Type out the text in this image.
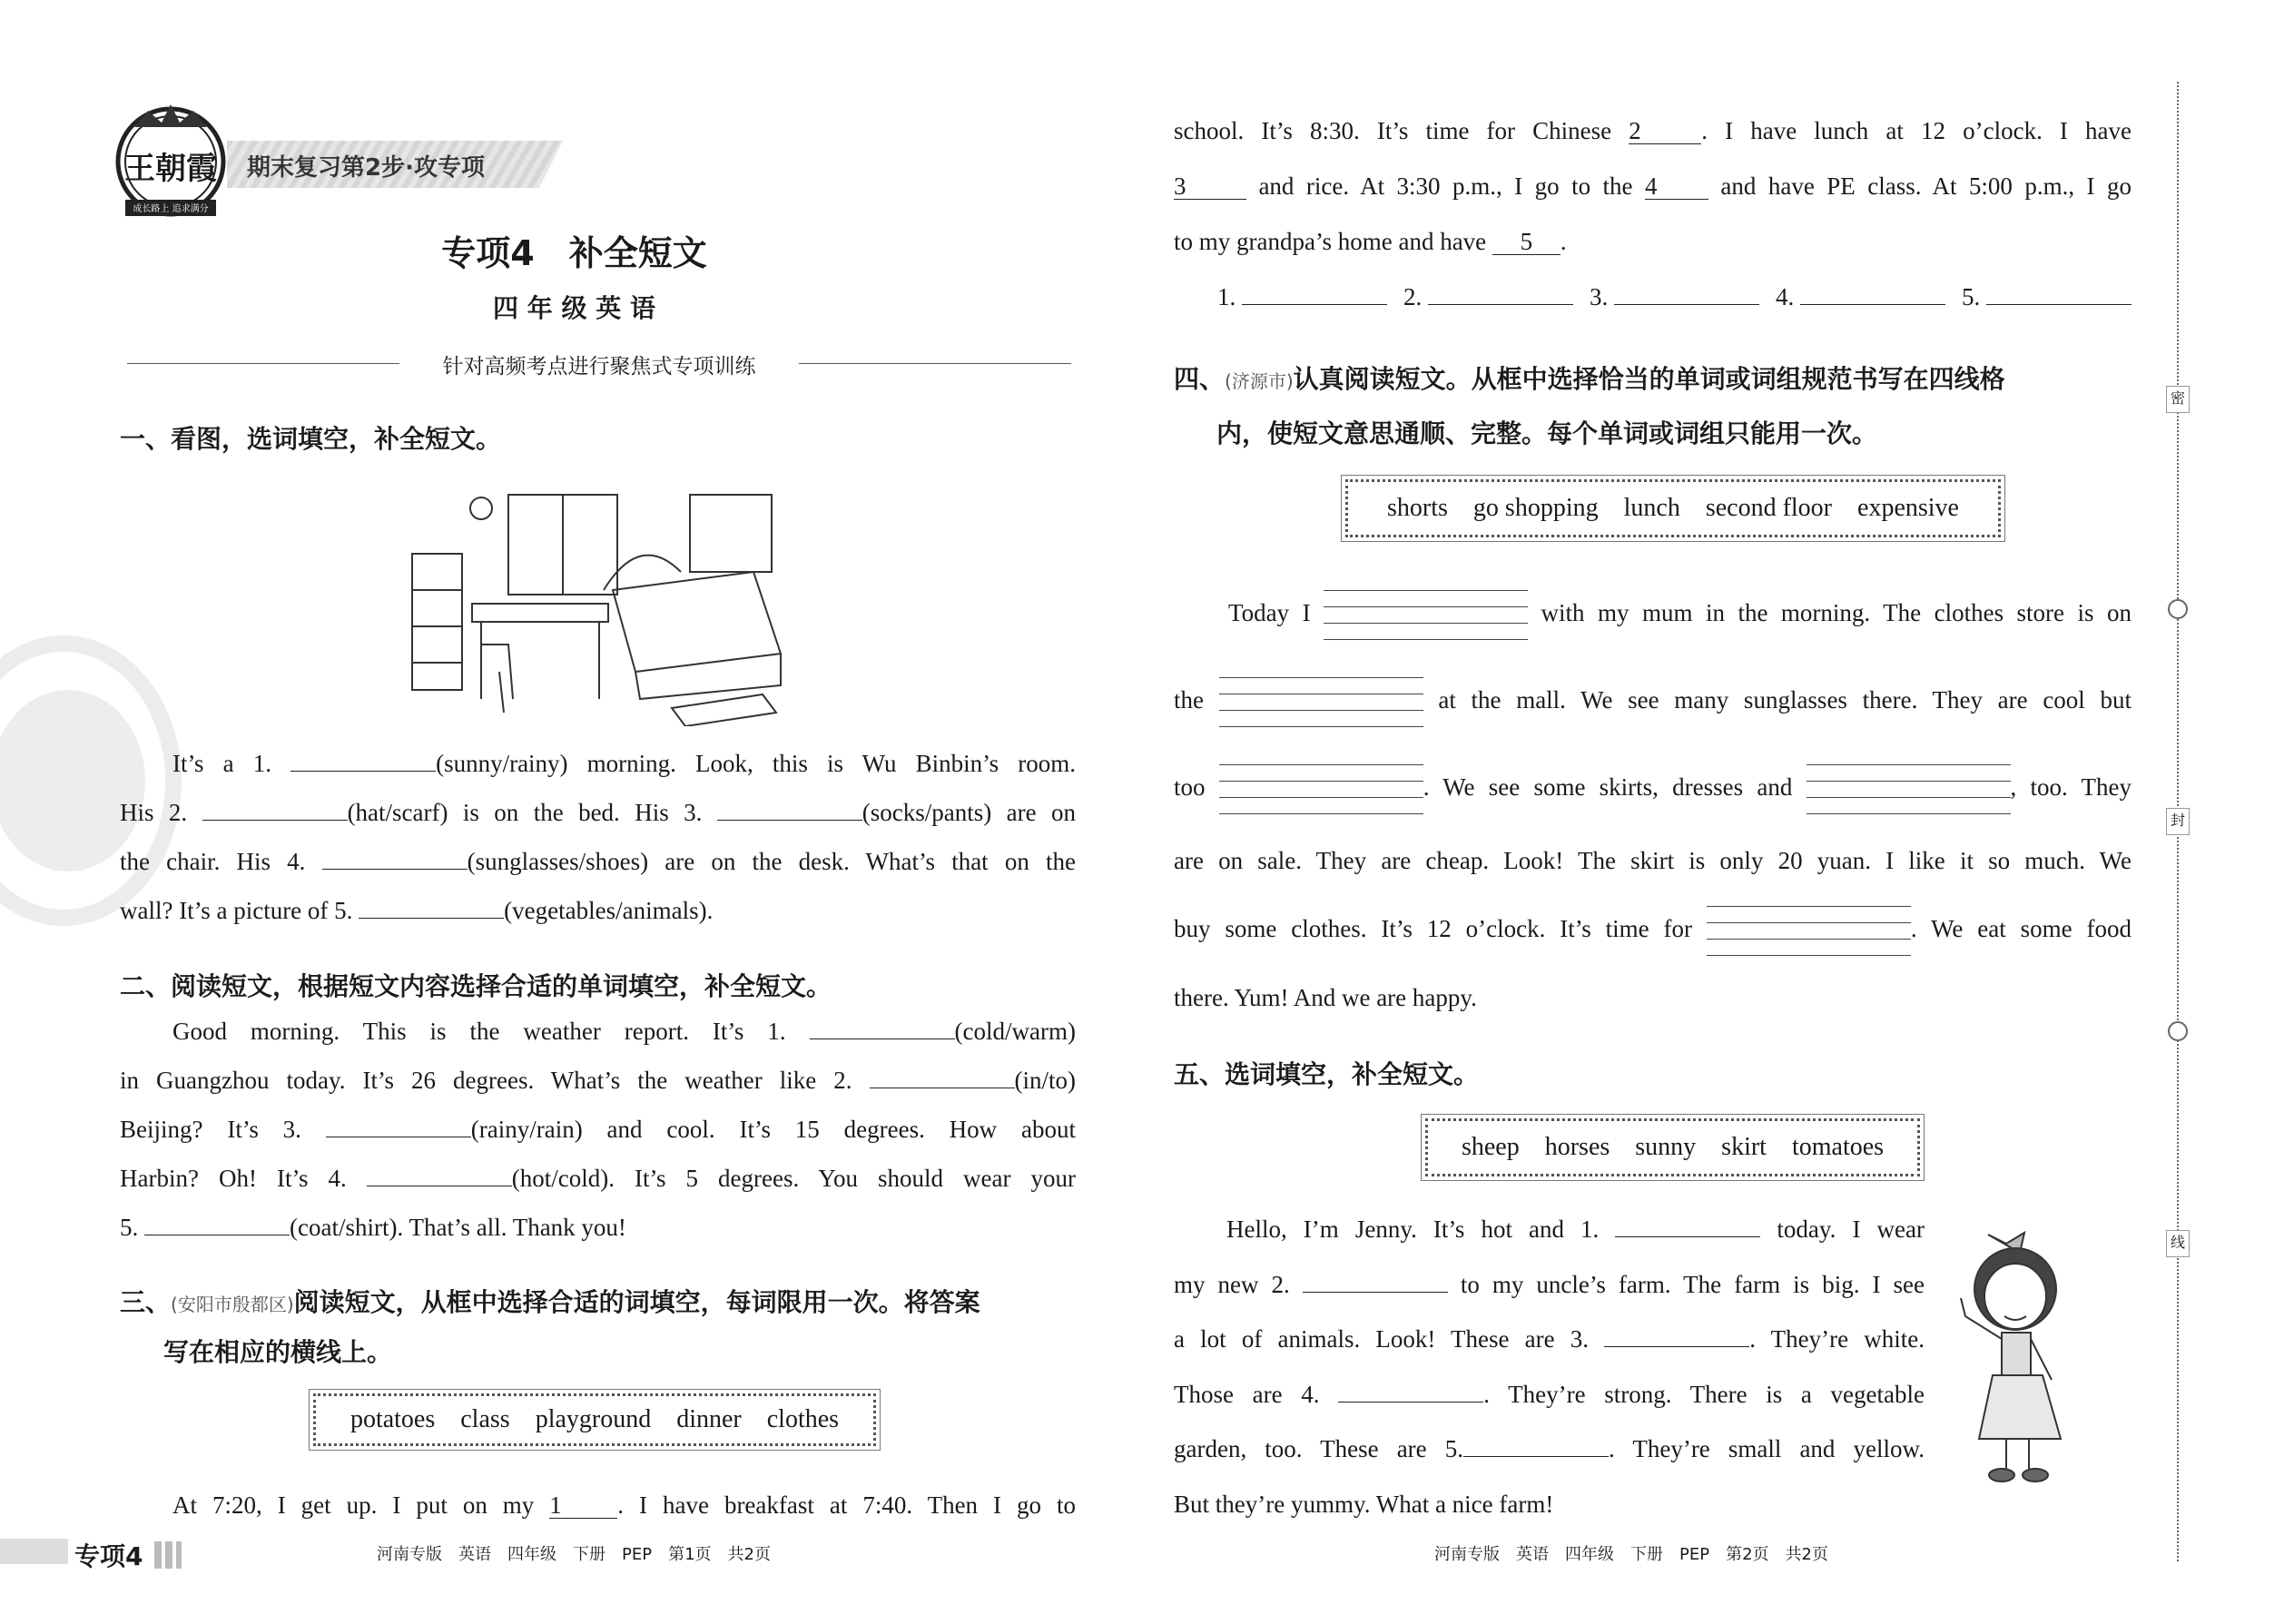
王朝霞
成长路上 追求满分
期末复习第2步·攻专项
专项4　补全短文
四 年 级 英 语
针对高频考点进行聚焦式专项训练
一、看图，选词填空，补全短文。
It’s a 1.	(sunny/rainy) morning. Look, this is Wu Binbin’s room.
His 2.	(hat/scarf) is on the bed. His 3.	(socks/pants) are on
the chair. His 4.	(sunglasses/shoes) are on the desk. What’s that on the
wall? It’s a picture of 5.	(vegetables/animals).
二、阅读短文，根据短文内容选择合适的单词填空，补全短文。
Good morning. This is the weather report. It’s 1.	(cold/warm)
in Guangzhou today. It’s 26 degrees. What’s the weather like 2.	(in/to)
Beijing? It’s 3.	(rainy/rain) and cool. It’s 15 degrees. How about
Harbin? Oh! It’s 4.	(hot/cold). It’s 5 degrees. You should wear your
5.	(coat/shirt). That’s all. Thank you!
三、(安阳市殷都区)阅读短文，从框中选择合适的词填空，每词限用一次。将答案
写在相应的横线上。
potatoes class playground dinner clothes
At 7:20, I get up. I put on my 1 . I have breakfast at 7:40. Then I go to
专项4	河南专版　英语　四年级　下册　PEP　第1页　共2页
school. It’s 8:30. It’s time for Chinese 2 . I have lunch at 12 o’clock. I have
3 and rice. At 3:30 p.m., I go to the 4 and have PE class. At 5:00 p.m., I go
to my grandpa’s home and have 5 .
1.	2.	3.	4.	5.
四、(济源市)认真阅读短文。从框中选择恰当的单词或词组规范书写在四线格
内，使短文意思通顺、完整。每个单词或词组只能用一次。
shorts go shopping lunch second floor expensive
Today I	with my mum in the morning. The clothes store is on
the	at the mall. We see many sunglasses there. They are cool but
too	. We see some skirts, dresses and	, too. They
are on sale. They are cheap. Look! The skirt is only 20 yuan. I like it so much. We
buy some clothes. It’s 12 o’clock. It’s time for	. We eat some food
there. Yum! And we are happy.
五、选词填空，补全短文。
sheep horses sunny skirt tomatoes
Hello, I’m Jenny. It’s hot and 1.	today. I wear
my new 2.	to my uncle’s farm. The farm is big. I see
a lot of animals. Look! These are 3.	. They’re white.
Those are 4.	. They’re strong. There is a vegetable
garden, too. These are 5.	. They’re small and yellow.
But they’re yummy. What a nice farm!
河南专版　英语　四年级　下册　PEP　第2页　共2页
密
封
线
